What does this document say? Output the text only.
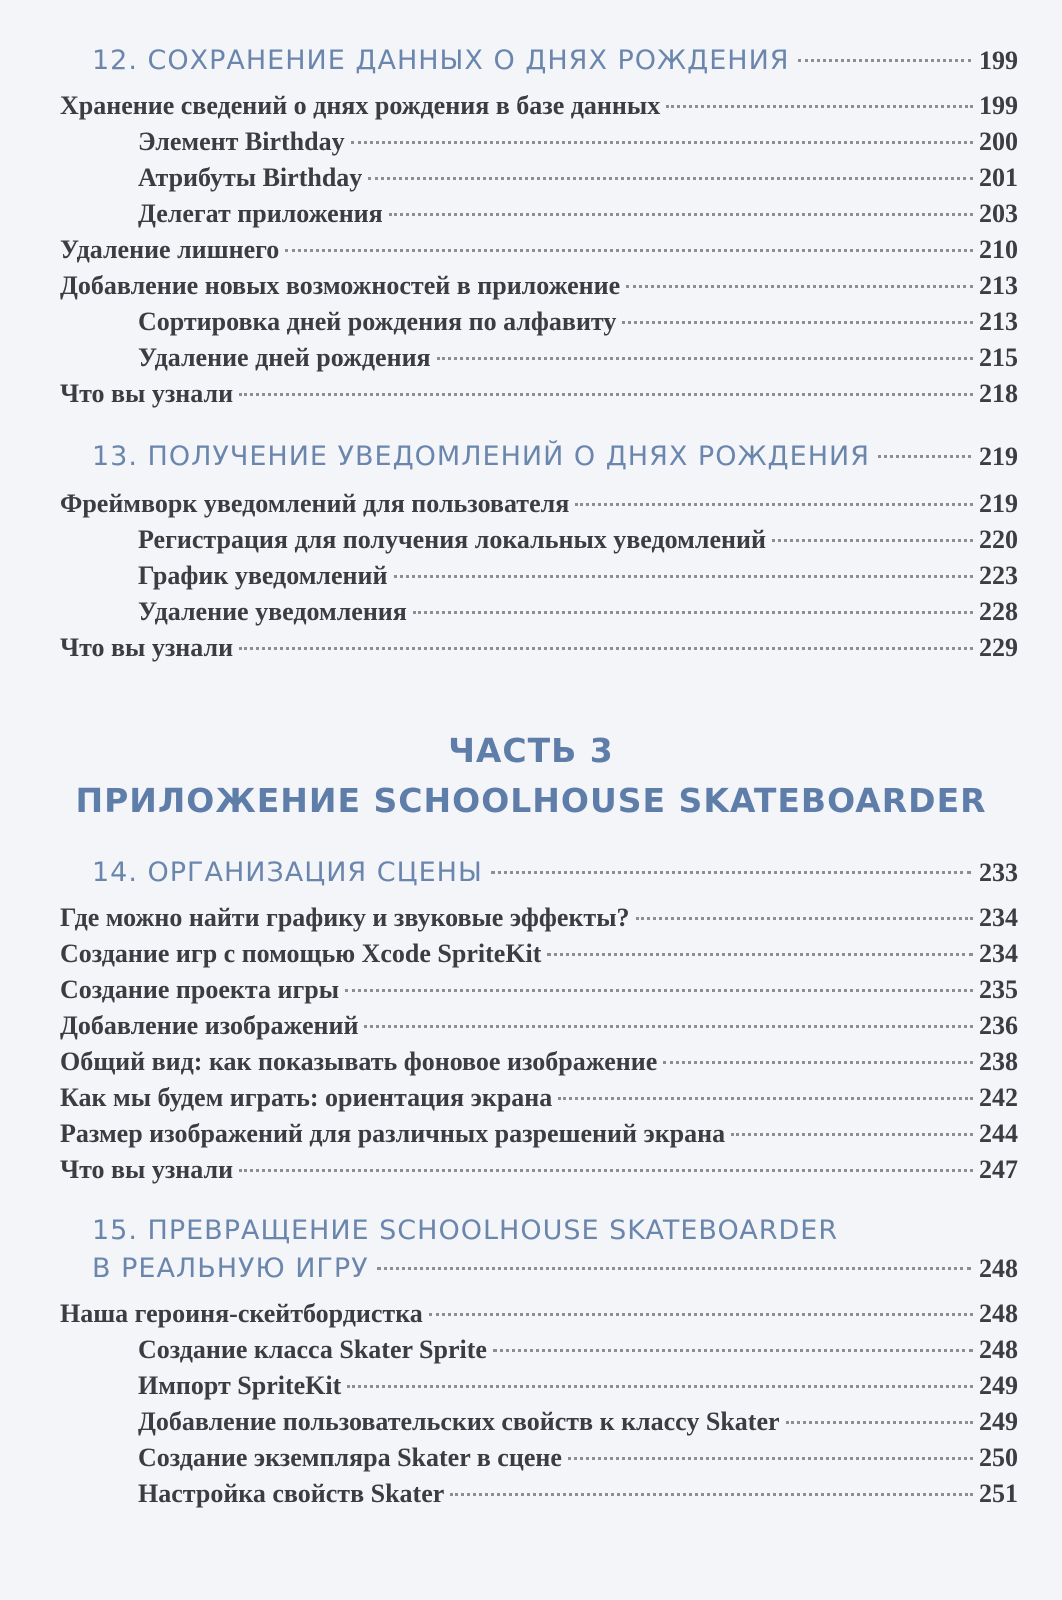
12. СОХРАНЕНИЕ ДАННЫХ О ДНЯХ РОЖДЕНИЯ	199
Хранение сведений о днях рождения в базе данных	199
Элемент Birthday	200
Атрибуты Birthday	201
Делегат приложения	203
Удаление лишнего	210
Добавление новых возможностей в приложение	213
Сортировка дней рождения по алфавиту	213
Удаление дней рождения	215
Что вы узнали	218
13. ПОЛУЧЕНИЕ УВЕДОМЛЕНИЙ О ДНЯХ РОЖДЕНИЯ	219
Фреймворк уведомлений для пользователя	219
Регистрация для получения локальных уведомлений	220
График уведомлений	223
Удаление уведомления	228
Что вы узнали	229
ЧАСТЬ 3
ПРИЛОЖЕНИЕ SCHOOLHOUSE SKATEBOARDER
14. ОРГАНИЗАЦИЯ СЦЕНЫ	233
Где можно найти графику и звуковые эффекты?	234
Создание игр с помощью Xcode SpriteKit	234
Создание проекта игры	235
Добавление изображений	236
Общий вид: как показывать фоновое изображение	238
Как мы будем играть: ориентация экрана	242
Размер изображений для различных разрешений экрана	244
Что вы узнали	247
15. ПРЕВРАЩЕНИЕ SCHOOLHOUSE SKATEBOARDER
В РЕАЛЬНУЮ ИГРУ	248
Наша героиня-скейтбордистка	248
Создание класса Skater Sprite	248
Импорт SpriteKit	249
Добавление пользовательских свойств к классу Skater	249
Создание экземпляра Skater в сцене	250
Настройка свойств Skater	251
